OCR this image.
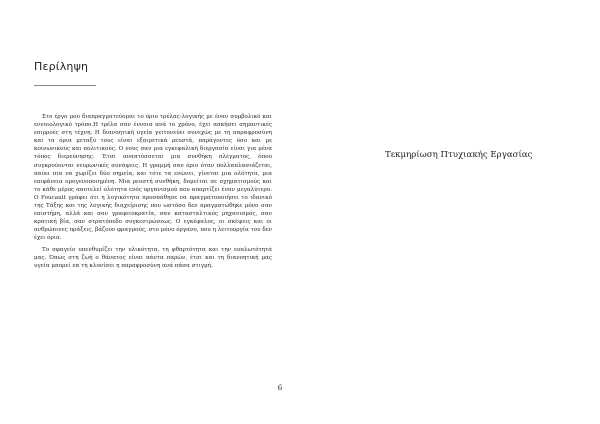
Περίληψη

Στο έργο μου διαπραγματεύομαι το όριο τρέλας-λογικής με έναν συμβολικό και εννοιολογικό τρόπο.Η τρέλα σαν έννοια ανά το χρόνο, έχει ασκήσει σημαντικές επιρροές στη τέχνη. Η διανοητική υγεία γειτονεύει συνεχώς με τη παραφροσύνη και τα όρια μεταξύ τους είναι εξαιρετικά ρευστά, παράγοντες όσο και με κοινωνικούς και πολιτικούς. Ο νους σαν μια εγκεφαλική διεργασία είναι για μένα τόπος διερεύνησης. Έτσι αναπτύσσεται μια συνθήκη πλέγματος, όπου συγκρούονται νευρωνικές συνάψεις. Η γραμμή σαν όριο όταν πολλαπλασιάζεται, παύει πια να χωρίζει δύο σημεία, και τότε τα ενώνει, γίνεται μια ολότητα, μια επιφάνεια ομογενοποιημένη. Μια ρευστή συνθήκη, δομείται σε σχηματισμούς και το κάθε μέρος αποτελεί ολότητα ενός οργανισμού που απαρτίζει έναν μεγαλύτερο. Ο Foucault γράφει ότι η λογικότητα προσπάθησε να πραγματοποιήσει το ιδανικό της Τάξης και της λογικής διαχείρισης που ωστόσο δεν πραγματώθηκε μόνο σαν επιστήμη, αλλά και σαν γραφειοκρατία, σαν κατασταλτικός μηχανισμός, σαν κρατική βία, σαν στρατόπεδο συγκεντρώσεως. Ο εγκέφαλος, οι σκέψεις και οι ανθρώπινες πράξεις, βάζουν φραγμούς, στο μόνο όργανο, που η λειτουργία του δεν έχει όρια.

Το σφαγείο υπενθυμίζει την υλικότητα, τη φθαρτότητα και την ευαλωτότητά μας. Όπως στη ζωή ο θάνατος είναι πάντα παρών, έτσι και τη διανοητική μας υγεία μπορεί να τη κλονίσει η παραφροσύνη ανά πάσα στιγμή.

6
Τεκμηρίωση Πτυχιακής Εργασίας
